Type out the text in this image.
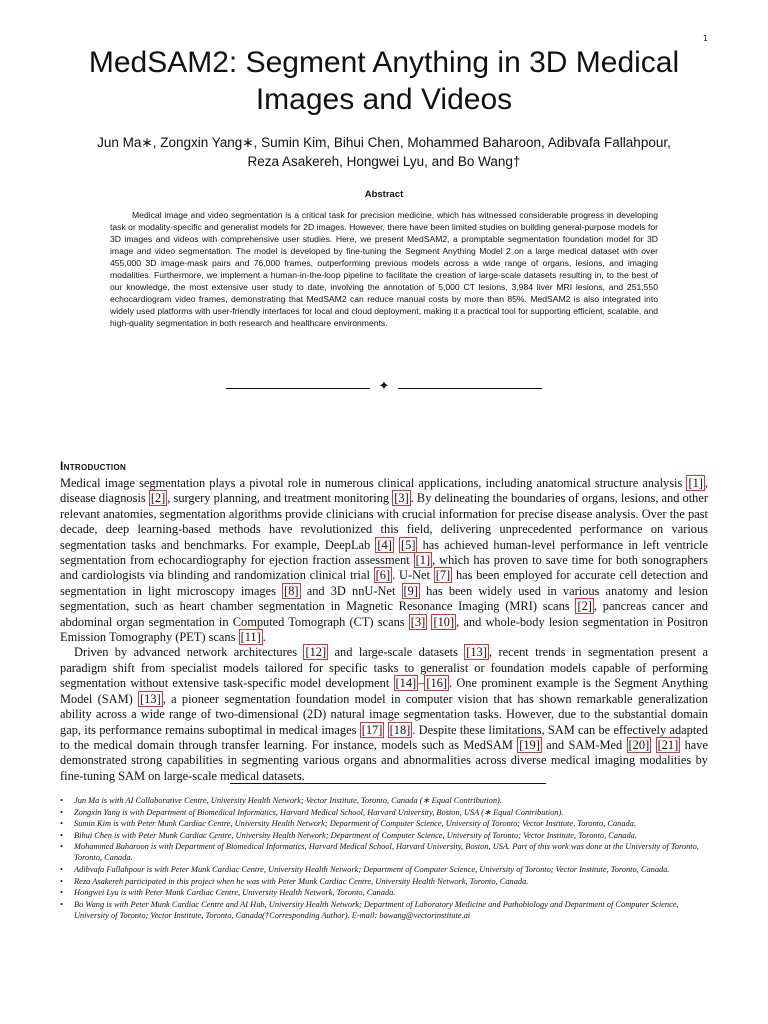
1
MedSAM2: Segment Anything in 3D Medical
Images and Videos

Jun Ma∗, Zongxin Yang∗, Sumin Kim, Bihui Chen, Mohammed Baharoon, Adibvafa Fallahpour,
Reza Asakereh, Hongwei Lyu, and Bo Wang†

Abstract

Medical image and video segmentation is a critical task for precision medicine, which has witnessed considerable progress in developing task or modality-specific and generalist models for 2D images. However, there have been limited studies on building general-purpose models for 3D images and videos with comprehensive user studies. Here, we present MedSAM2, a promptable segmentation foundation model for 3D image and video segmentation. The model is developed by fine-tuning the Segment Anything Model 2 on a large medical dataset with over 455,000 3D image-mask pairs and 76,000 frames, outperforming previous models across a wide range of organs, lesions, and imaging modalities. Furthermore, we implement a human-in-the-loop pipeline to facilitate the creation of large-scale datasets resulting in, to the best of our knowledge, the most extensive user study to date, involving the annotation of 5,000 CT lesions, 3,984 liver MRI lesions, and 251,550 echocardiogram video frames, demonstrating that MedSAM2 can reduce manual costs by more than 85%. MedSAM2 is also integrated into widely used platforms with user-friendly interfaces for local and cloud deployment, making it a practical tool for supporting efficient, scalable, and high-quality segmentation in both research and healthcare environments.

✦
Introduction

Medical image segmentation plays a pivotal role in numerous clinical applications, including anatomical structure analysis [1] , disease diagnosis [2] , surgery planning, and treatment monitoring [3] . By delineating the boundaries of organs, lesions, and other relevant anatomies, segmentation algorithms provide clinicians with crucial information for precise disease analysis. Over the past decade, deep learning-based methods have revolutionized this field, delivering unprecedented performance on various segmentation tasks and benchmarks. For example, DeepLab [4] [5] has achieved human-level performance in left ventricle segmentation from echocardiography for ejection fraction assessment [1] , which has proven to save time for both sonographers and cardiologists via blinding and randomization clinical trial [6] . U-Net [7] has been employed for accurate cell detection and segmentation in light microscopy images [8] and 3D nnU-Net [9] has been widely used in various anatomy and lesion segmentation, such as heart chamber segmentation in Magnetic Resonance Imaging (MRI) scans [2] , pancreas cancer and abdominal organ segmentation in Computed Tomograph (CT) scans [3] [10] , and whole-body lesion segmentation in Positron Emission Tomography (PET) scans [11] .

Driven by advanced network architectures [12] and large-scale datasets [13] , recent trends in segmentation present a paradigm shift from specialist models tailored for specific tasks to generalist or foundation models capable of performing segmentation without extensive task-specific model development [14] – [16] . One prominent example is the Segment Anything Model (SAM) [13] , a pioneer segmentation foundation model in computer vision that has shown remarkable generalization ability across a wide range of two-dimensional (2D) natural image segmentation tasks. However, due to the substantial domain gap, its performance remains suboptimal in medical images [17] [18] . Despite these limitations, SAM can be effectively adapted to the medical domain through transfer learning. For instance, models such as MedSAM [19] and SAM-Med [20] [21] have demonstrated strong capabilities in segmenting various organs and abnormalities across diverse medical imaging modalities by fine-tuning SAM on large-scale medical datasets.

• Jun Ma is with AI Collaborative Centre, University Health Network; Vector Institute, Toronto, Canada (∗ Equal Contribution).
• Zongxin Yang is with Department of Biomedical Informatics, Harvard Medical School, Harvard University, Boston, USA (∗ Equal Contribution).
• Sumin Kim is with Peter Munk Cardiac Centre, University Health Network; Department of Computer Science, University of Toronto; Vector Institute, Toronto, Canada.
• Bihui Chen is with Peter Munk Cardiac Centre, University Health Network; Department of Computer Science, University of Toronto; Vector Institute, Toronto, Canada.
• Mohammed Baharoon is with Department of Biomedical Informatics, Harvard Medical School, Harvard University, Boston, USA. Part of this work was done at the University of Toronto, Toronto, Canada.
• Adibvafa Fallahpour is with Peter Munk Cardiac Centre, University Health Network; Department of Computer Science, University of Toronto; Vector Institute, Toronto, Canada.
• Reza Asakereh participated in this project when he was with Peter Munk Cardiac Centre, University Health Network, Toronto, Canada.
• Hongwei Lyu is with Peter Munk Cardiac Centre, University Health Network, Toronto, Canada.
• Bo Wang is with Peter Munk Cardiac Centre and AI Hub, University Health Network; Department of Laboratory Medicine and Pathobiology and Department of Computer Science, University of Toronto; Vector Institute, Toronto, Canada(†Corresponding Author). E-mail: bowang@vectorinstitute.ai
